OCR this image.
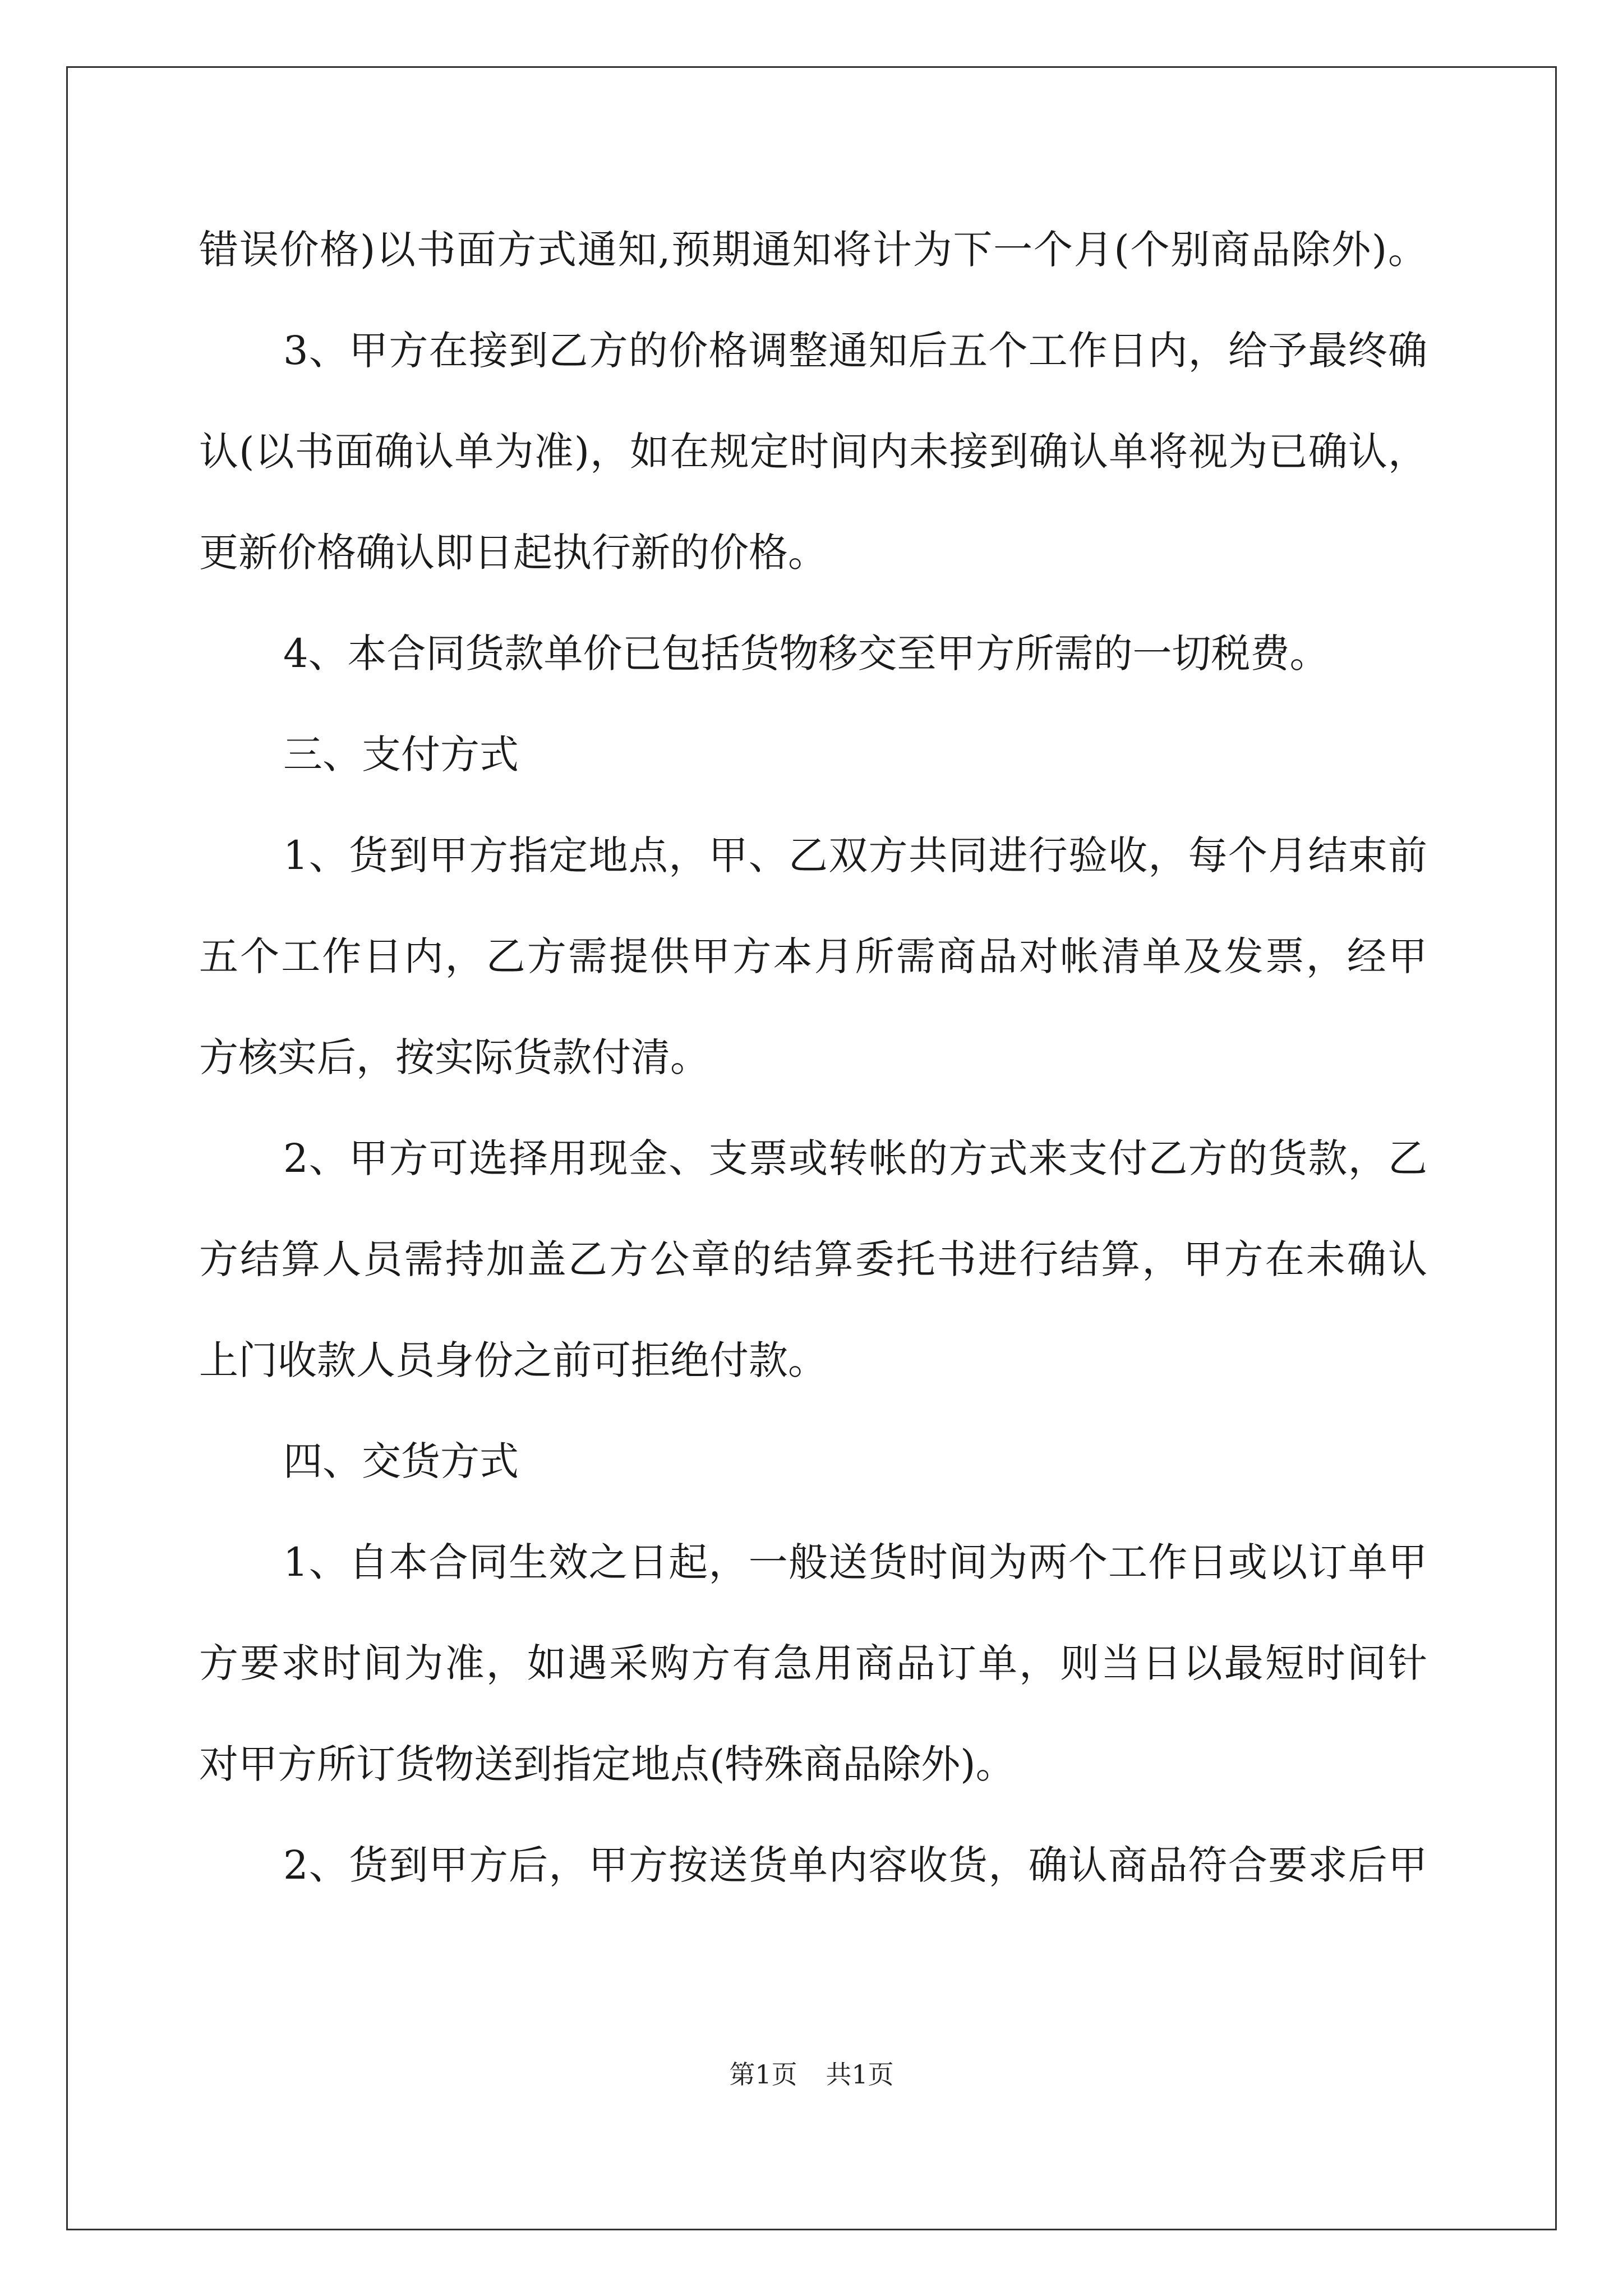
错误价格)以书面方式通知,预期通知将计为下一个月(个别商品除外)。
3、甲方在接到乙方的价格调整通知后五个工作日内，给予最终确
认(以书面确认单为准)，如在规定时间内未接到确认单将视为已确认，
更新价格确认即日起执行新的价格。
4、本合同货款单价已包括货物移交至甲方所需的一切税费。
三、支付方式
1、货到甲方指定地点，甲、乙双方共同进行验收，每个月结束前
五个工作日内，乙方需提供甲方本月所需商品对帐清单及发票，经甲
方核实后，按实际货款付清。
2、甲方可选择用现金、支票或转帐的方式来支付乙方的货款，乙
方结算人员需持加盖乙方公章的结算委托书进行结算，甲方在未确认
上门收款人员身份之前可拒绝付款。
四、交货方式
1、自本合同生效之日起，一般送货时间为两个工作日或以订单甲
方要求时间为准，如遇采购方有急用商品订单，则当日以最短时间针
对甲方所订货物送到指定地点(特殊商品除外)。
2、货到甲方后，甲方按送货单内容收货，确认商品符合要求后甲
第1页 共1页
